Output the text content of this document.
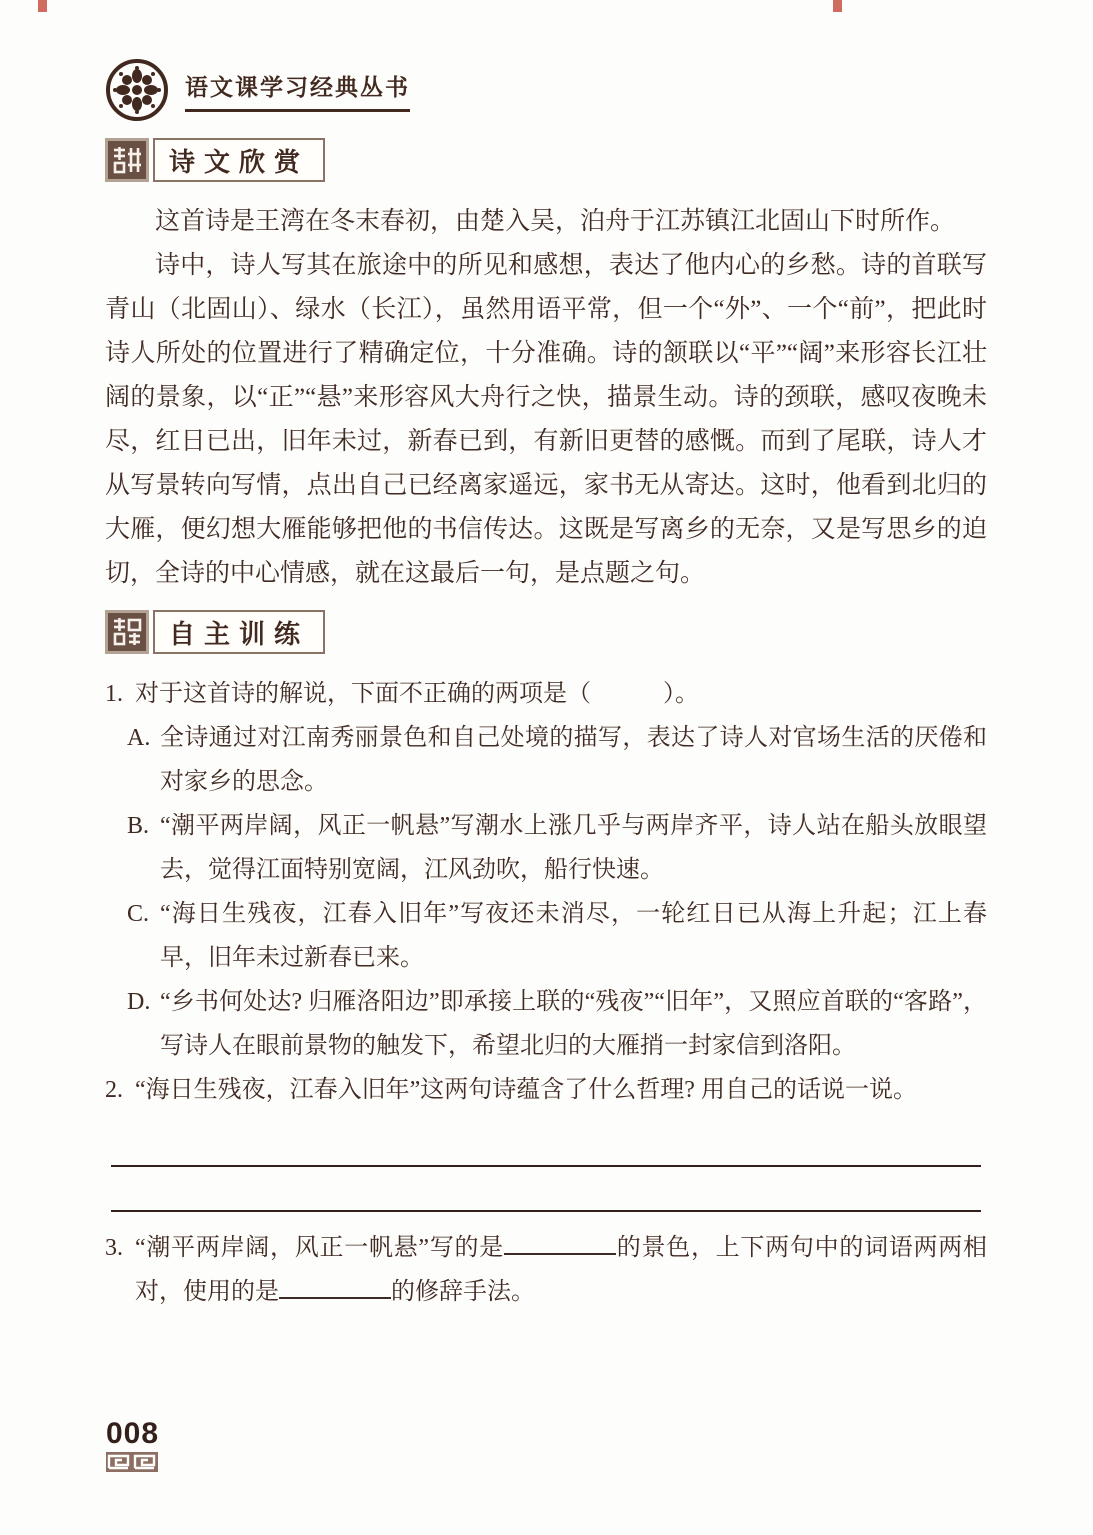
语文课学习经典丛书
诗文欣赏

这首诗是王湾在冬末春初，由楚入吴，泊舟于江苏镇江北固山下时所作。

诗中，诗人写其在旅途中的所见和感想，表达了他内心的乡愁。诗的首联写青山（北固山）、绿水（长江），虽然用语平常，但一个“外”、一个“前”，把此时诗人所处的位置进行了精确定位，十分准确。诗的颔联以“平”“阔”来形容长江壮阔的景象，以“正”“悬”来形容风大舟行之快，描景生动。诗的颈联，感叹夜晚未尽，红日已出，旧年未过，新春已到，有新旧更替的感慨。而到了尾联，诗人才从写景转向写情，点出自己已经离家遥远，家书无从寄达。这时，他看到北归的大雁，便幻想大雁能够把他的书信传达。这既是写离乡的无奈，又是写思乡的迫切，全诗的中心情感，就在这最后一句，是点题之句。

自主训练
1. 对于这首诗的解说，下面不正确的两项是（　　　）。
A. 全诗通过对江南秀丽景色和自己处境的描写，表达了诗人对官场生活的厌倦和对家乡的思念。
B. “潮平两岸阔，风正一帆悬”写潮水上涨几乎与两岸齐平，诗人站在船头放眼望去，觉得江面特别宽阔，江风劲吹，船行快速。
C. “海日生残夜，江春入旧年”写夜还未消尽，一轮红日已从海上升起；江上春早，旧年未过新春已来。
D. “乡书何处达? 归雁洛阳边”即承接上联的“残夜”“旧年”，又照应首联的“客路”，写诗人在眼前景物的触发下，希望北归的大雁捎一封家信到洛阳。
2. “海日生残夜，江春入旧年”这两句诗蕴含了什么哲理? 用自己的话说一说。
3. “潮平两岸阔，风正一帆悬”写的是	的景色，上下两句中的词语两两相对，使用的是	的修辞手法。
008
